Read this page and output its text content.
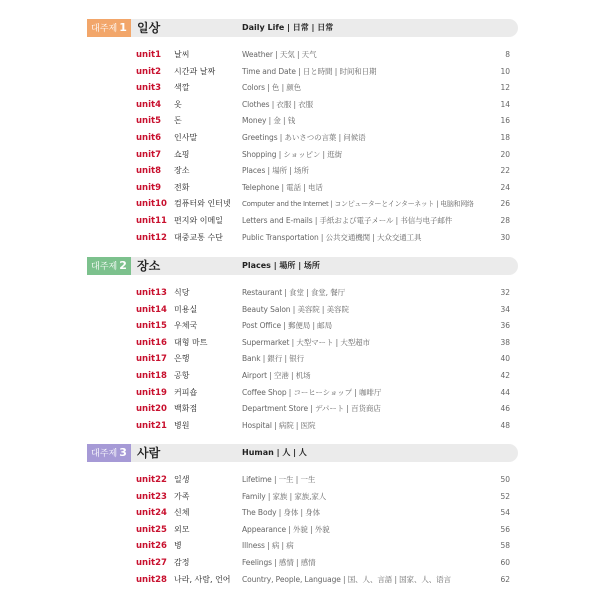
대주제 1 일상	Daily Life | 日常 | 日常
unit1 날씨	Weather | 天気 | 天气	8
unit2 시간과 날짜	Time and Date | 日と時間 | 时间和日期	10
unit3 색깔	Colors | 色 | 颜色	12
unit4 옷	Clothes | 衣服 | 衣服	14
unit5 돈	Money | 金 | 钱	16
unit6 인사말	Greetings | あいさつの言葉 | 问候语	18
unit7 쇼핑	Shopping | ショッピン | 逛街	20
unit8 장소	Places | 場所 | 场所	22
unit9 전화	Telephone | 電話 | 电话	24
unit10 컴퓨터와 인터넷 Computer and the Internet | コンピューターとインターネット | 电脑和网络	26
unit11 편지와 이메일	Letters and E-mails | 手紙および電子メール | 书信与电子邮件	28
unit12 대중교통 수단	Public Transportation | 公共交通機関 | 大众交通工具	30
대주제 2 장소	Places | 場所 | 场所
unit13 식당	Restaurant | 食堂 | 食堂, 餐厅	32
unit14 미용실	Beauty Salon | 美容院 | 美容院	34
unit15 우체국	Post Office | 郵便局 | 邮局	36
unit16 대형 마트	Supermarket | 大型マート | 大型超市	38
unit17 은행	Bank | 銀行 | 银行	40
unit18 공항	Airport | 空港 | 机场	42
unit19 커피숍	Coffee Shop | コーヒーショップ | 咖啡厅	44
unit20 백화점	Department Store | デパート | 百货商店	46
unit21 병원	Hospital | 病院 | 医院	48
대주제 3 사람	Human | 人 | 人
unit22 일생	Lifetime | 一生 | 一生	50
unit23 가족	Family | 家族 | 家族,家人	52
unit24 신체	The Body | 身体 | 身体	54
unit25 외모	Appearance | 外貌 | 外貌	56
unit26 병	Illness | 病 | 病	58
unit27 감정	Feelings | 感情 | 感情	60
unit28 나라, 사람, 언어 Country, People, Language | 国、人、言語 | 国家、人、语言	62
